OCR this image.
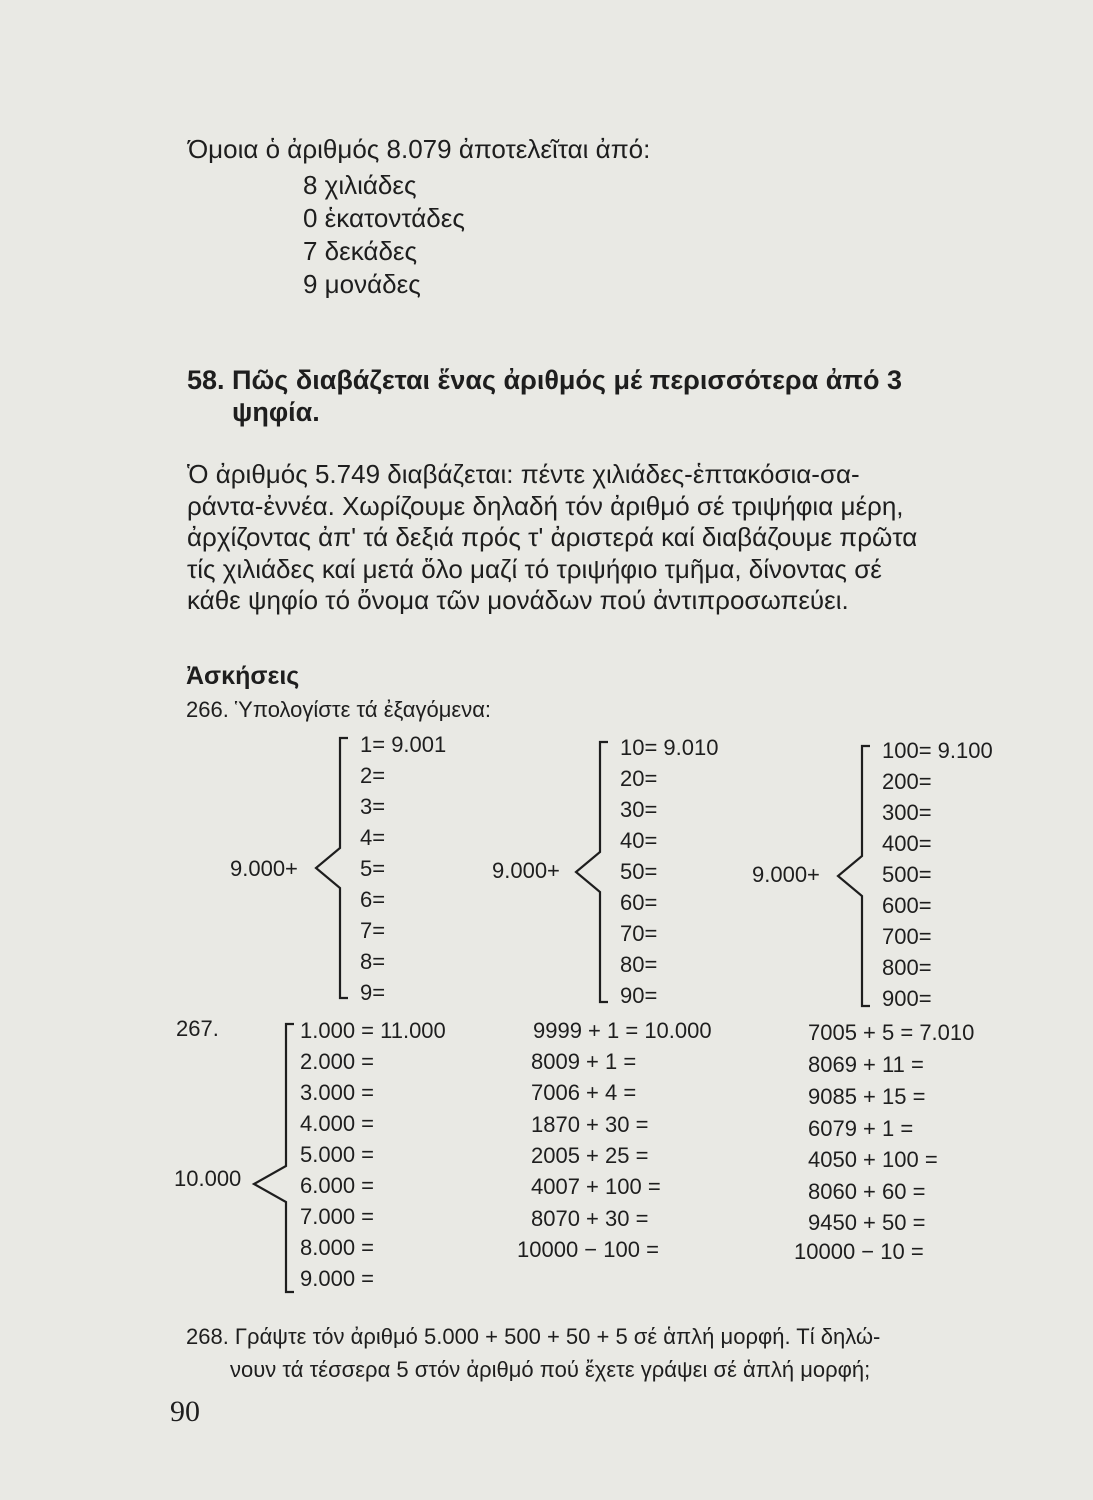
Όμοια ὁ ἀριθμός 8.079 ἀποτελεῖται ἀπό:
8 χιλιάδες
0 ἑκατοντάδες
7 δεκάδες
9 μονάδες
58. Πῶς διαβάζεται ἕνας ἀριθμός μέ περισσότερα ἀπό 3
ψηφία.

Ὁ ἀριθμός 5.749 διαβάζεται: πέντε χιλιάδες-ἑπτακόσια-σα-

ράντα-ἐννέα. Χωρίζουμε δηλαδή τόν ἀριθμό σέ τριψήφια μέρη,

ἀρχίζοντας ἀπ' τά δεξιά πρός τ' ἀριστερά καί διαβάζουμε πρῶτα

τίς χιλιάδες καί μετά ὅλο μαζί τό τριψήφιο τμῆμα, δίνοντας σέ

κάθε ψηφίο τό ὄνομα τῶν μονάδων πού ἀντιπροσωπεύει.

Ἀσκήσεις
266. Ὑπολογίστε τά ἐξαγόμενα:
9.000+
1= 9.001
2=
3=
4=
5=
6=
7=
8=
9=
9.000+
10= 9.010
20=
30=
40=
50=
60=
70=
80=
90=
9.000+
100= 9.100
200=
300=
400=
500=
600=
700=
800=
900=
267.
10.000
1.000 = 11.000
2.000 =
3.000 =
4.000 =
5.000 =
6.000 =
7.000 =
8.000 =
9.000 =
9999 + 1 = 10.000
8009 + 1 =
7006 + 4 =
1870 + 30 =
2005 + 25 =
4007 + 100 =
8070 + 30 =
10000 − 100 =
7005 + 5 = 7.010
8069 + 11 =
9085 + 15 =
6079 + 1 =
4050 + 100 =
8060 + 60 =
9450 + 50 =
10000 − 10 =
268. Γράψτε τόν ἀριθμό 5.000 + 500 + 50 + 5 σέ ἁπλή μορφή. Τί δηλώ-
νουν τά τέσσερα 5 στόν ἀριθμό πού ἔχετε γράψει σέ ἁπλή μορφή;
90
